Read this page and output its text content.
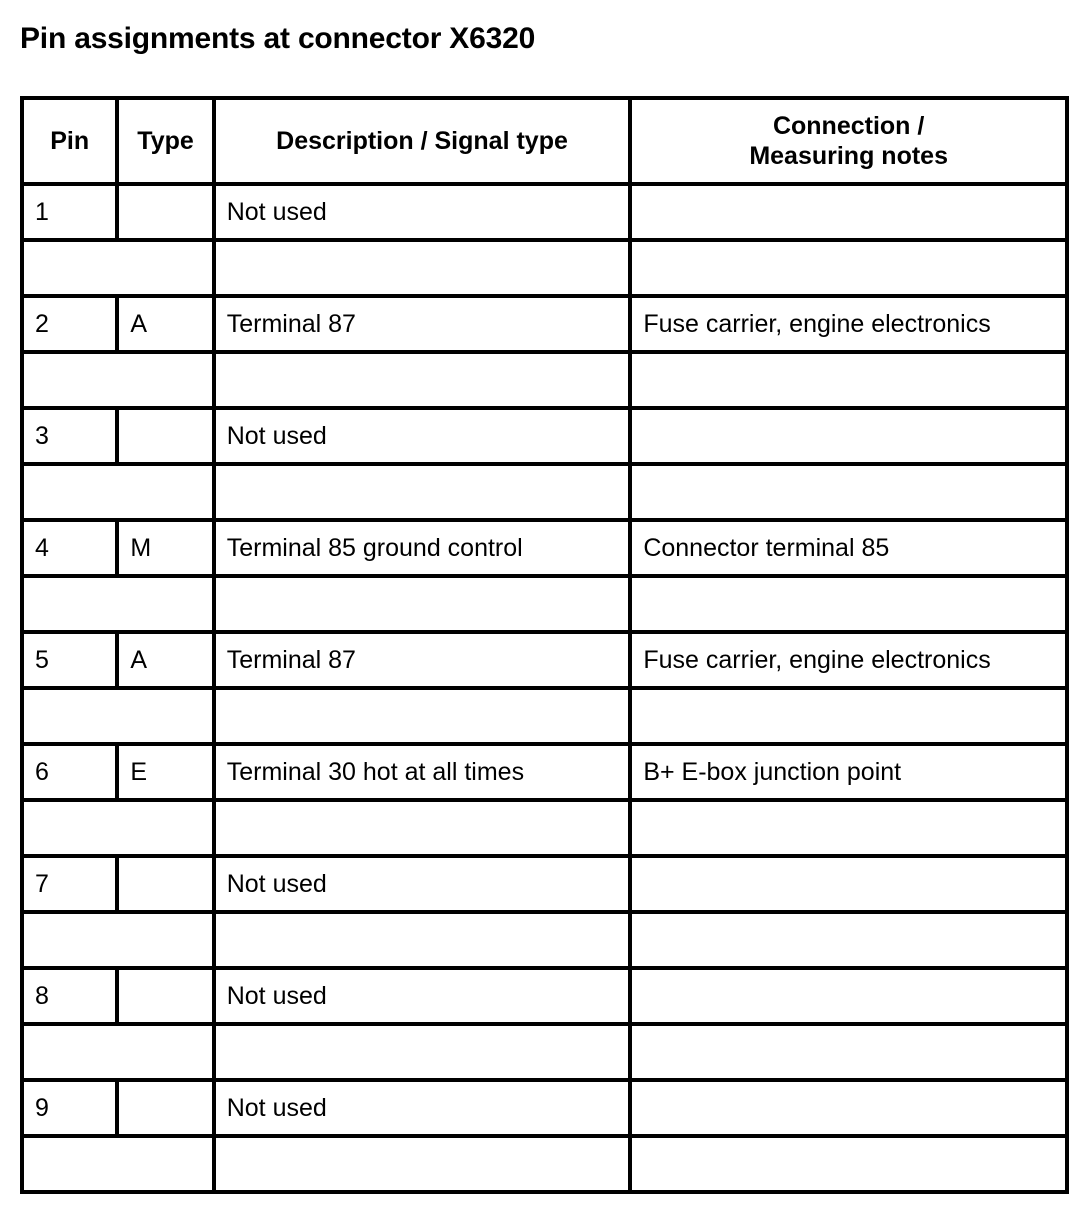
Pin assignments at connector X6320
Pin	Type	Description / Signal type	Connection /
Measuring notes

1		Not used	

2	A	Terminal 87	Fuse carrier, engine electronics

3		Not used	

4	M	Terminal 85 ground control	Connector terminal 85

5	A	Terminal 87	Fuse carrier, engine electronics

6	E	Terminal 30 hot at all times	B+ E-box junction point

7		Not used	

8		Not used	

9		Not used	
